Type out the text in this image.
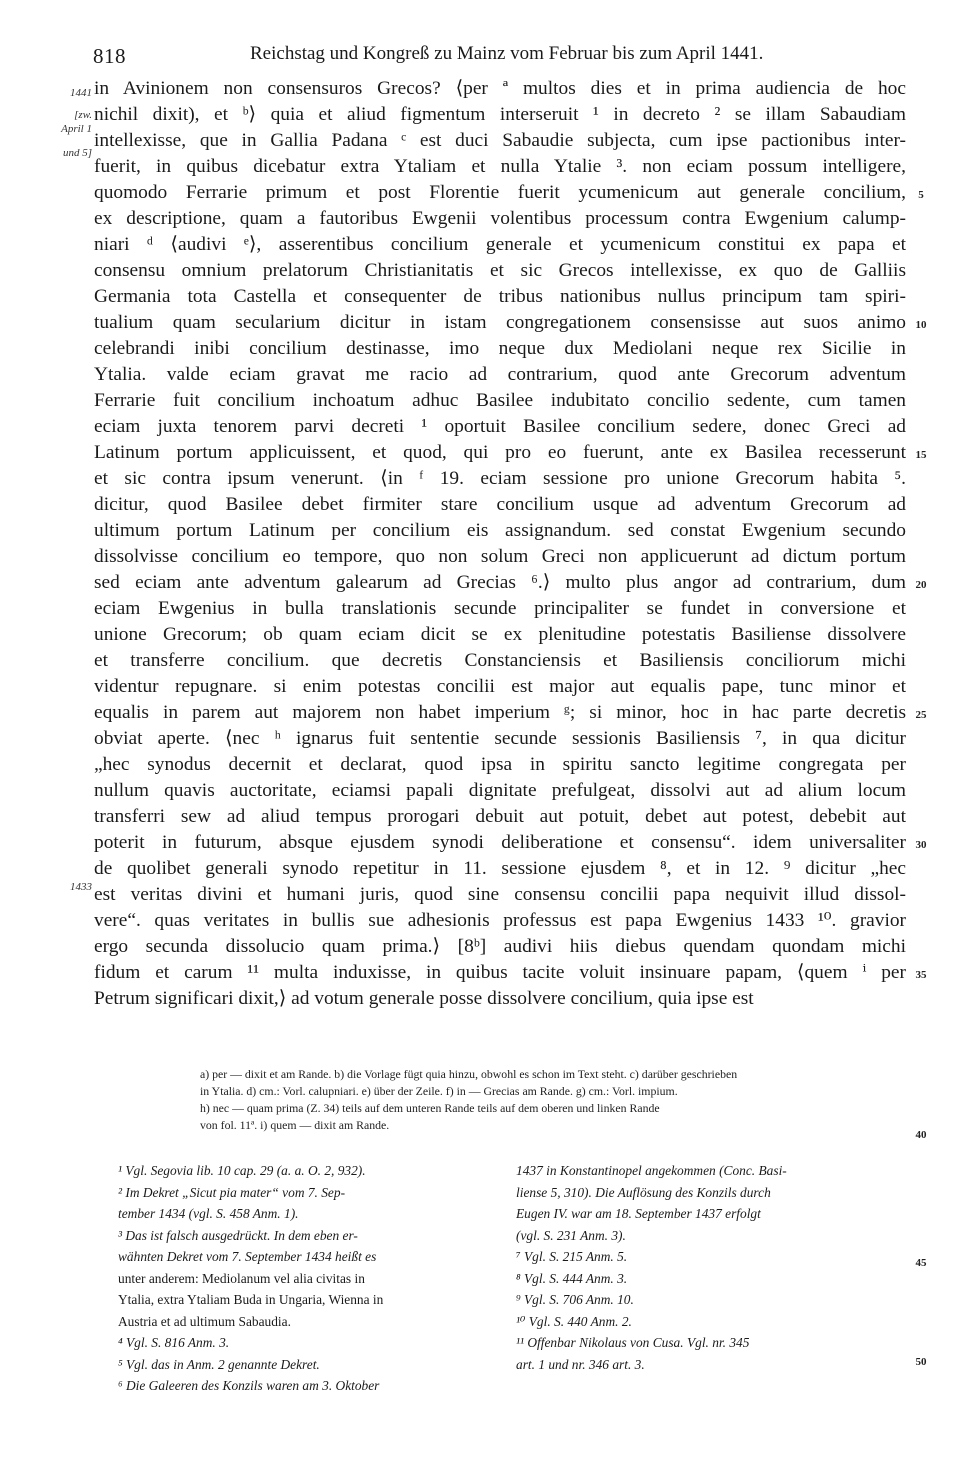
818	Reichstag und Kongreß zu Mainz vom Februar bis zum April 1441.
1441
[zw.
April 1
und 5]
1433
5
10
15
20
25
30
35
40
45
50
in Avinionem non consensuros Grecos? ⟨per ª multos dies et in prima audiencia de hoc
nichil dixit), et ᵇ⟩ quia et aliud figmentum interseruit ¹ in decreto ² se illam Sabaudiam
intellexisse, que in Gallia Padana ᶜ est duci Sabaudie subjecta, cum ipse pactionibus inter-
fuerit, in quibus dicebatur extra Ytaliam et nulla Ytalie ³. non eciam possum intelligere,
quomodo Ferrarie primum et post Florentie fuerit ycumenicum aut generale concilium,
ex descriptione, quam a fautoribus Ewgenii volentibus processum contra Ewgenium calump-
niari ᵈ ⟨audivi ᵉ⟩, asserentibus concilium generale et ycumenicum constitui ex papa et
consensu omnium prelatorum Christianitatis et sic Grecos intellexisse, ex quo de Galliis
Germania tota Castella et consequenter de tribus nationibus nullus principum tam spiri-
tualium quam secularium dicitur in istam congregationem consensisse aut suos animo
celebrandi inibi concilium destinasse, imo neque dux Mediolani neque rex Sicilie in
Ytalia. valde eciam gravat me racio ad contrarium, quod ante Grecorum adventum
Ferrarie fuit concilium inchoatum adhuc Basilee indubitato concilio sedente, cum tamen
eciam juxta tenorem parvi decreti ¹ oportuit Basilee concilium sedere, donec Greci ad
Latinum portum applicuissent, et quod, qui pro eo fuerunt, ante ex Basilea recesserunt
et sic contra ipsum venerunt. ⟨in ᶠ 19. eciam sessione pro unione Grecorum habita ⁵.
dicitur, quod Basilee debet firmiter stare concilium usque ad adventum Grecorum ad
ultimum portum Latinum per concilium eis assignandum. sed constat Ewgenium secundo
dissolvisse concilium eo tempore, quo non solum Greci non applicuerunt ad dictum portum
sed eciam ante adventum galearum ad Grecias ⁶.⟩ multo plus angor ad contrarium, dum
eciam Ewgenius in bulla translationis secunde principaliter se fundet in conversione et
unione Grecorum; ob quam eciam dicit se ex plenitudine potestatis Basiliense dissolvere
et transferre concilium. que decretis Constanciensis et Basiliensis conciliorum michi
videntur repugnare. si enim potestas concilii est major aut equalis pape, tunc minor et
equalis in parem aut majorem non habet imperium ᵍ; si minor, hoc in hac parte decretis
obviat aperte. ⟨nec ʰ ignarus fuit sententie secunde sessionis Basiliensis ⁷, in qua dicitur
„hec synodus decernit et declarat, quod ipsa in spiritu sancto legitime congregata per
nullum quavis auctoritate, eciamsi papali dignitate prefulgeat, dissolvi aut ad alium locum
transferri sew ad aliud tempus prorogari debuit aut potuit, debet aut potest, debebit aut
poterit in futurum, absque ejusdem synodi deliberatione et consensu“. idem universaliter
de quolibet generali synodo repetitur in 11. sessione ejusdem ⁸, et in 12. ⁹ dicitur „hec
est veritas divini et humani juris, quod sine consensu concilii papa nequivit illud dissol-
vere“. quas veritates in bullis sue adhesionis professus est papa Ewgenius 1433 ¹⁰. gravior
ergo secunda dissolucio quam prima.⟩ [8ᵇ] audivi hiis diebus quendam quondam michi
fidum et carum ¹¹ multa induxisse, in quibus tacite voluit insinuare papam, ⟨quem ⁱ per
Petrum significari dixit,⟩ ad votum generale posse dissolvere concilium, quia ipse est
a) per — dixit et am Rande. b) die Vorlage fügt quia hinzu, obwohl es schon im Text steht. c) darüber geschrieben
in Ytalia. d) cm.: Vorl. calupniari. e) über der Zeile. f) in — Grecias am Rande. g) cm.: Vorl. impium.
h) nec — quam prima (Z. 34) teils auf dem unteren Rande teils auf dem oberen und linken Rande
von fol. 11ª. i) quem — dixit am Rande.
¹ Vgl. Segovia lib. 10 cap. 29 (a. a. O. 2, 932).
² Im Dekret „Sicut pia mater“ vom 7. Sep-
tember 1434 (vgl. S. 458 Anm. 1).
³ Das ist falsch ausgedrückt. In dem eben er-
wähnten Dekret vom 7. September 1434 heißt es
unter anderem: Mediolanum vel alia civitas in
Ytalia, extra Ytaliam Buda in Ungaria, Wienna in
Austria et ad ultimum Sabaudia.
⁴ Vgl. S. 816 Anm. 3.
⁵ Vgl. das in Anm. 2 genannte Dekret.
⁶ Die Galeeren des Konzils waren am 3. Oktober
1437 in Konstantinopel angekommen (Conc. Basi-
liense 5, 310). Die Auflösung des Konzils durch
Eugen IV. war am 18. September 1437 erfolgt
(vgl. S. 231 Anm. 3).
⁷ Vgl. S. 215 Anm. 5.
⁸ Vgl. S. 444 Anm. 3.
⁹ Vgl. S. 706 Anm. 10.
¹⁰ Vgl. S. 440 Anm. 2.
¹¹ Offenbar Nikolaus von Cusa. Vgl. nr. 345
art. 1 und nr. 346 art. 3.
